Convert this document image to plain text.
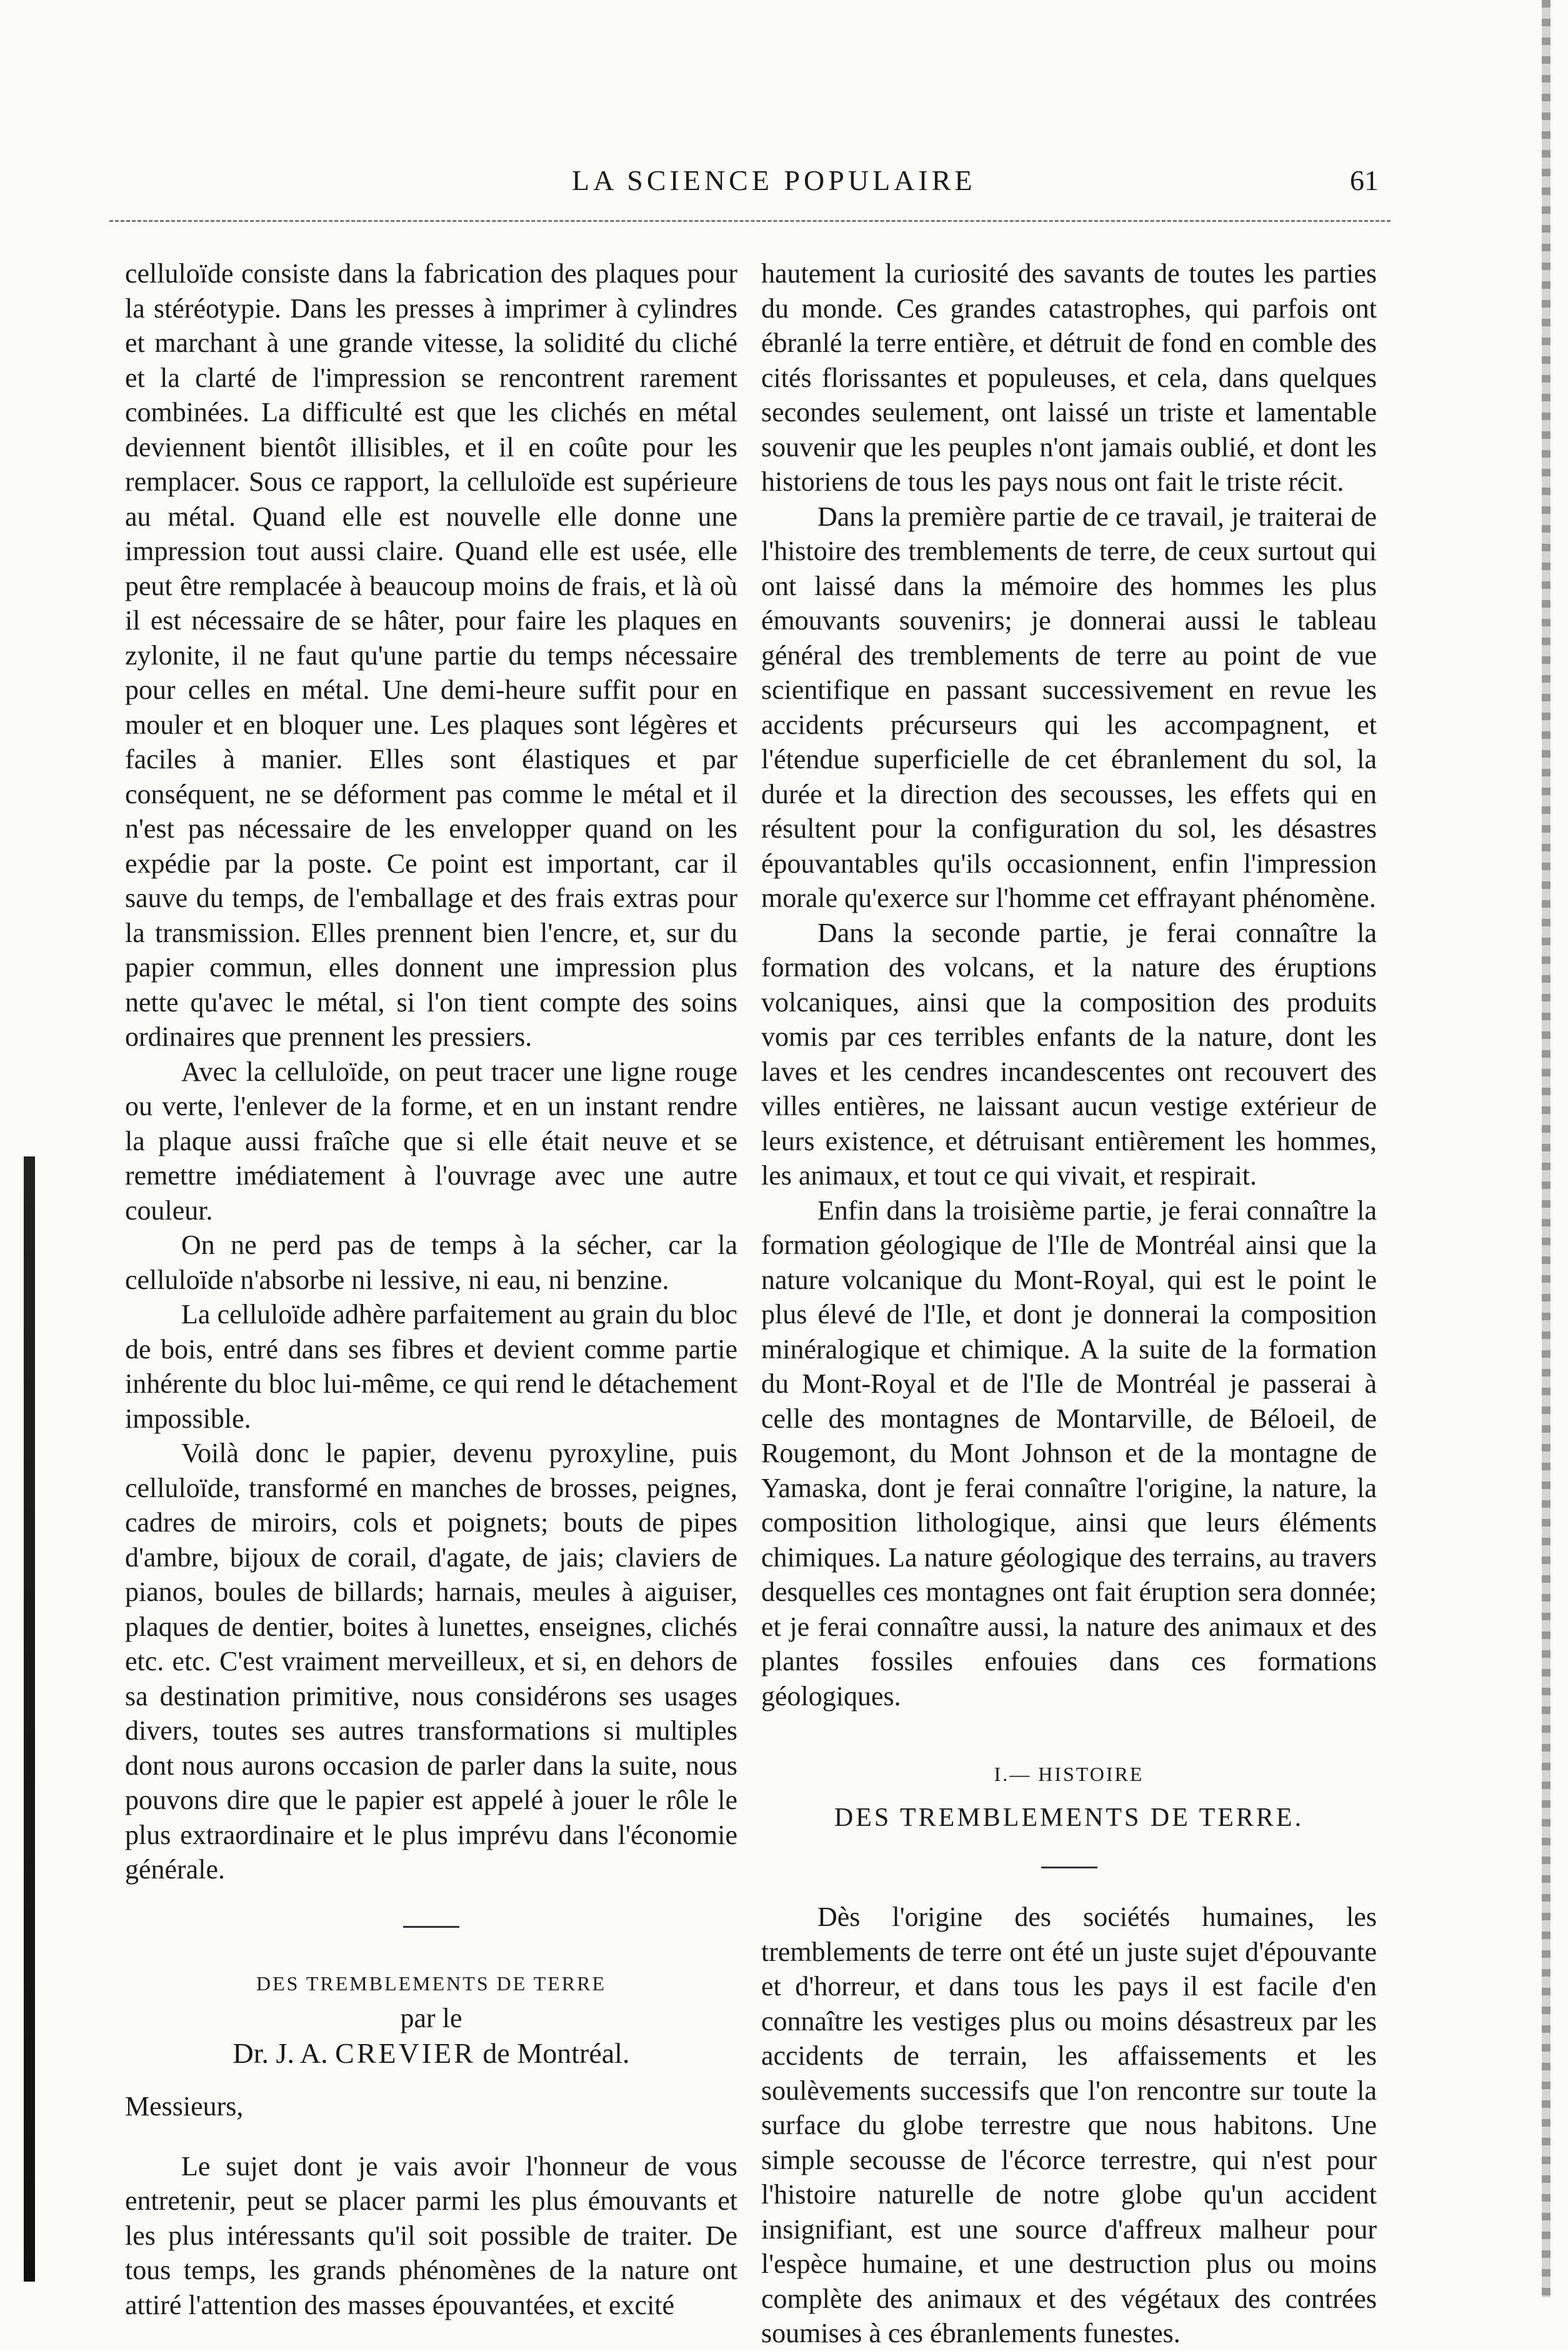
LA SCIENCE POPULAIRE	61

celluloïde consiste dans la fabrication des plaques pour la stéréotypie. Dans les presses à imprimer à cylindres et marchant à une grande vitesse, la solidité du cliché et la clarté de l'impression se rencontrent rarement combinées. La difficulté est que les clichés en métal deviennent bientôt illisibles, et il en coûte pour les remplacer. Sous ce rapport, la celluloïde est supérieure au métal. Quand elle est nouvelle elle donne une impression tout aussi claire. Quand elle est usée, elle peut être remplacée à beaucoup moins de frais, et là où il est nécessaire de se hâter, pour faire les plaques en zylonite, il ne faut qu'une partie du temps nécessaire pour celles en métal. Une demi-heure suffit pour en mouler et en bloquer une. Les plaques sont légères et faciles à manier. Elles sont élastiques et par conséquent, ne se déforment pas comme le métal et il n'est pas nécessaire de les envelopper quand on les expédie par la poste. Ce point est important, car il sauve du temps, de l'emballage et des frais extras pour la transmission. Elles prennent bien l'encre, et, sur du papier commun, elles donnent une impression plus nette qu'avec le métal, si l'on tient compte des soins ordinaires que prennent les pressiers.

Avec la celluloïde, on peut tracer une ligne rouge ou verte, l'enlever de la forme, et en un instant rendre la plaque aussi fraîche que si elle était neuve et se remettre imédiatement à l'ouvrage avec une autre couleur.

On ne perd pas de temps à la sécher, car la celluloïde n'absorbe ni lessive, ni eau, ni benzine.

La celluloïde adhère parfaitement au grain du bloc de bois, entré dans ses fibres et devient comme partie inhérente du bloc lui-même, ce qui rend le détachement impossible.

Voilà donc le papier, devenu pyroxyline, puis celluloïde, transformé en manches de brosses, peignes, cadres de miroirs, cols et poignets; bouts de pipes d'ambre, bijoux de corail, d'agate, de jais; claviers de pianos, boules de billards; harnais, meules à aiguiser, plaques de dentier, boites à lunettes, enseignes, clichés etc. etc. C'est vraiment merveilleux, et si, en dehors de sa destination primitive, nous considérons ses usages divers, toutes ses autres transformations si multiples dont nous aurons occasion de parler dans la suite, nous pouvons dire que le papier est appelé à jouer le rôle le plus extraordinaire et le plus imprévu dans l'économie générale.

DES TREMBLEMENTS DE TERRE

par le

Dr. J. A. CREVIER de Montréal.

Messieurs,

Le sujet dont je vais avoir l'honneur de vous entretenir, peut se placer parmi les plus émouvants et les plus intéressants qu'il soit possible de traiter. De tous temps, les grands phénomènes de la nature ont attiré l'attention des masses épouvantées, et excité

hautement la curiosité des savants de toutes les parties du monde. Ces grandes catastrophes, qui parfois ont ébranlé la terre entière, et détruit de fond en comble des cités florissantes et populeuses, et cela, dans quelques secondes seulement, ont laissé un triste et lamentable souvenir que les peuples n'ont jamais oublié, et dont les historiens de tous les pays nous ont fait le triste récit.

Dans la première partie de ce travail, je traiterai de l'histoire des tremblements de terre, de ceux surtout qui ont laissé dans la mémoire des hommes les plus émouvants souvenirs; je donnerai aussi le tableau général des tremblements de terre au point de vue scientifique en passant successivement en revue les accidents précurseurs qui les accompagnent, et l'étendue superficielle de cet ébranlement du sol, la durée et la direction des secousses, les effets qui en résultent pour la configuration du sol, les désastres épouvantables qu'ils occasionnent, enfin l'impression morale qu'exerce sur l'homme cet effrayant phénomène.

Dans la seconde partie, je ferai connaître la formation des volcans, et la nature des éruptions volcaniques, ainsi que la composition des produits vomis par ces terribles enfants de la nature, dont les laves et les cendres incandescentes ont recouvert des villes entières, ne laissant aucun vestige extérieur de leurs existence, et détruisant entièrement les hommes, les animaux, et tout ce qui vivait, et respirait.

Enfin dans la troisième partie, je ferai connaître la formation géologique de l'Ile de Montréal ainsi que la nature volcanique du Mont-Royal, qui est le point le plus élevé de l'Ile, et dont je donnerai la composition minéralogique et chimique. A la suite de la formation du Mont-Royal et de l'Ile de Montréal je passerai à celle des montagnes de Montarville, de Béloeil, de Rougemont, du Mont Johnson et de la montagne de Yamaska, dont je ferai connaître l'origine, la nature, la composition lithologique, ainsi que leurs éléments chimiques. La nature géologique des terrains, au travers desquelles ces montagnes ont fait éruption sera donnée; et je ferai connaître aussi, la nature des animaux et des plantes fossiles enfouies dans ces formations géologiques.

I.— HISTOIRE

DES TREMBLEMENTS DE TERRE.

Dès l'origine des sociétés humaines, les tremblements de terre ont été un juste sujet d'épouvante et d'horreur, et dans tous les pays il est facile d'en connaître les vestiges plus ou moins désastreux par les accidents de terrain, les affaissements et les soulèvements successifs que l'on rencontre sur toute la surface du globe terrestre que nous habitons. Une simple secousse de l'écorce terrestre, qui n'est pour l'histoire naturelle de notre globe qu'un accident insignifiant, est une source d'affreux malheur pour l'espèce humaine, et une destruction plus ou moins complète des animaux et des végétaux des contrées soumises à ces ébranlements funestes.
